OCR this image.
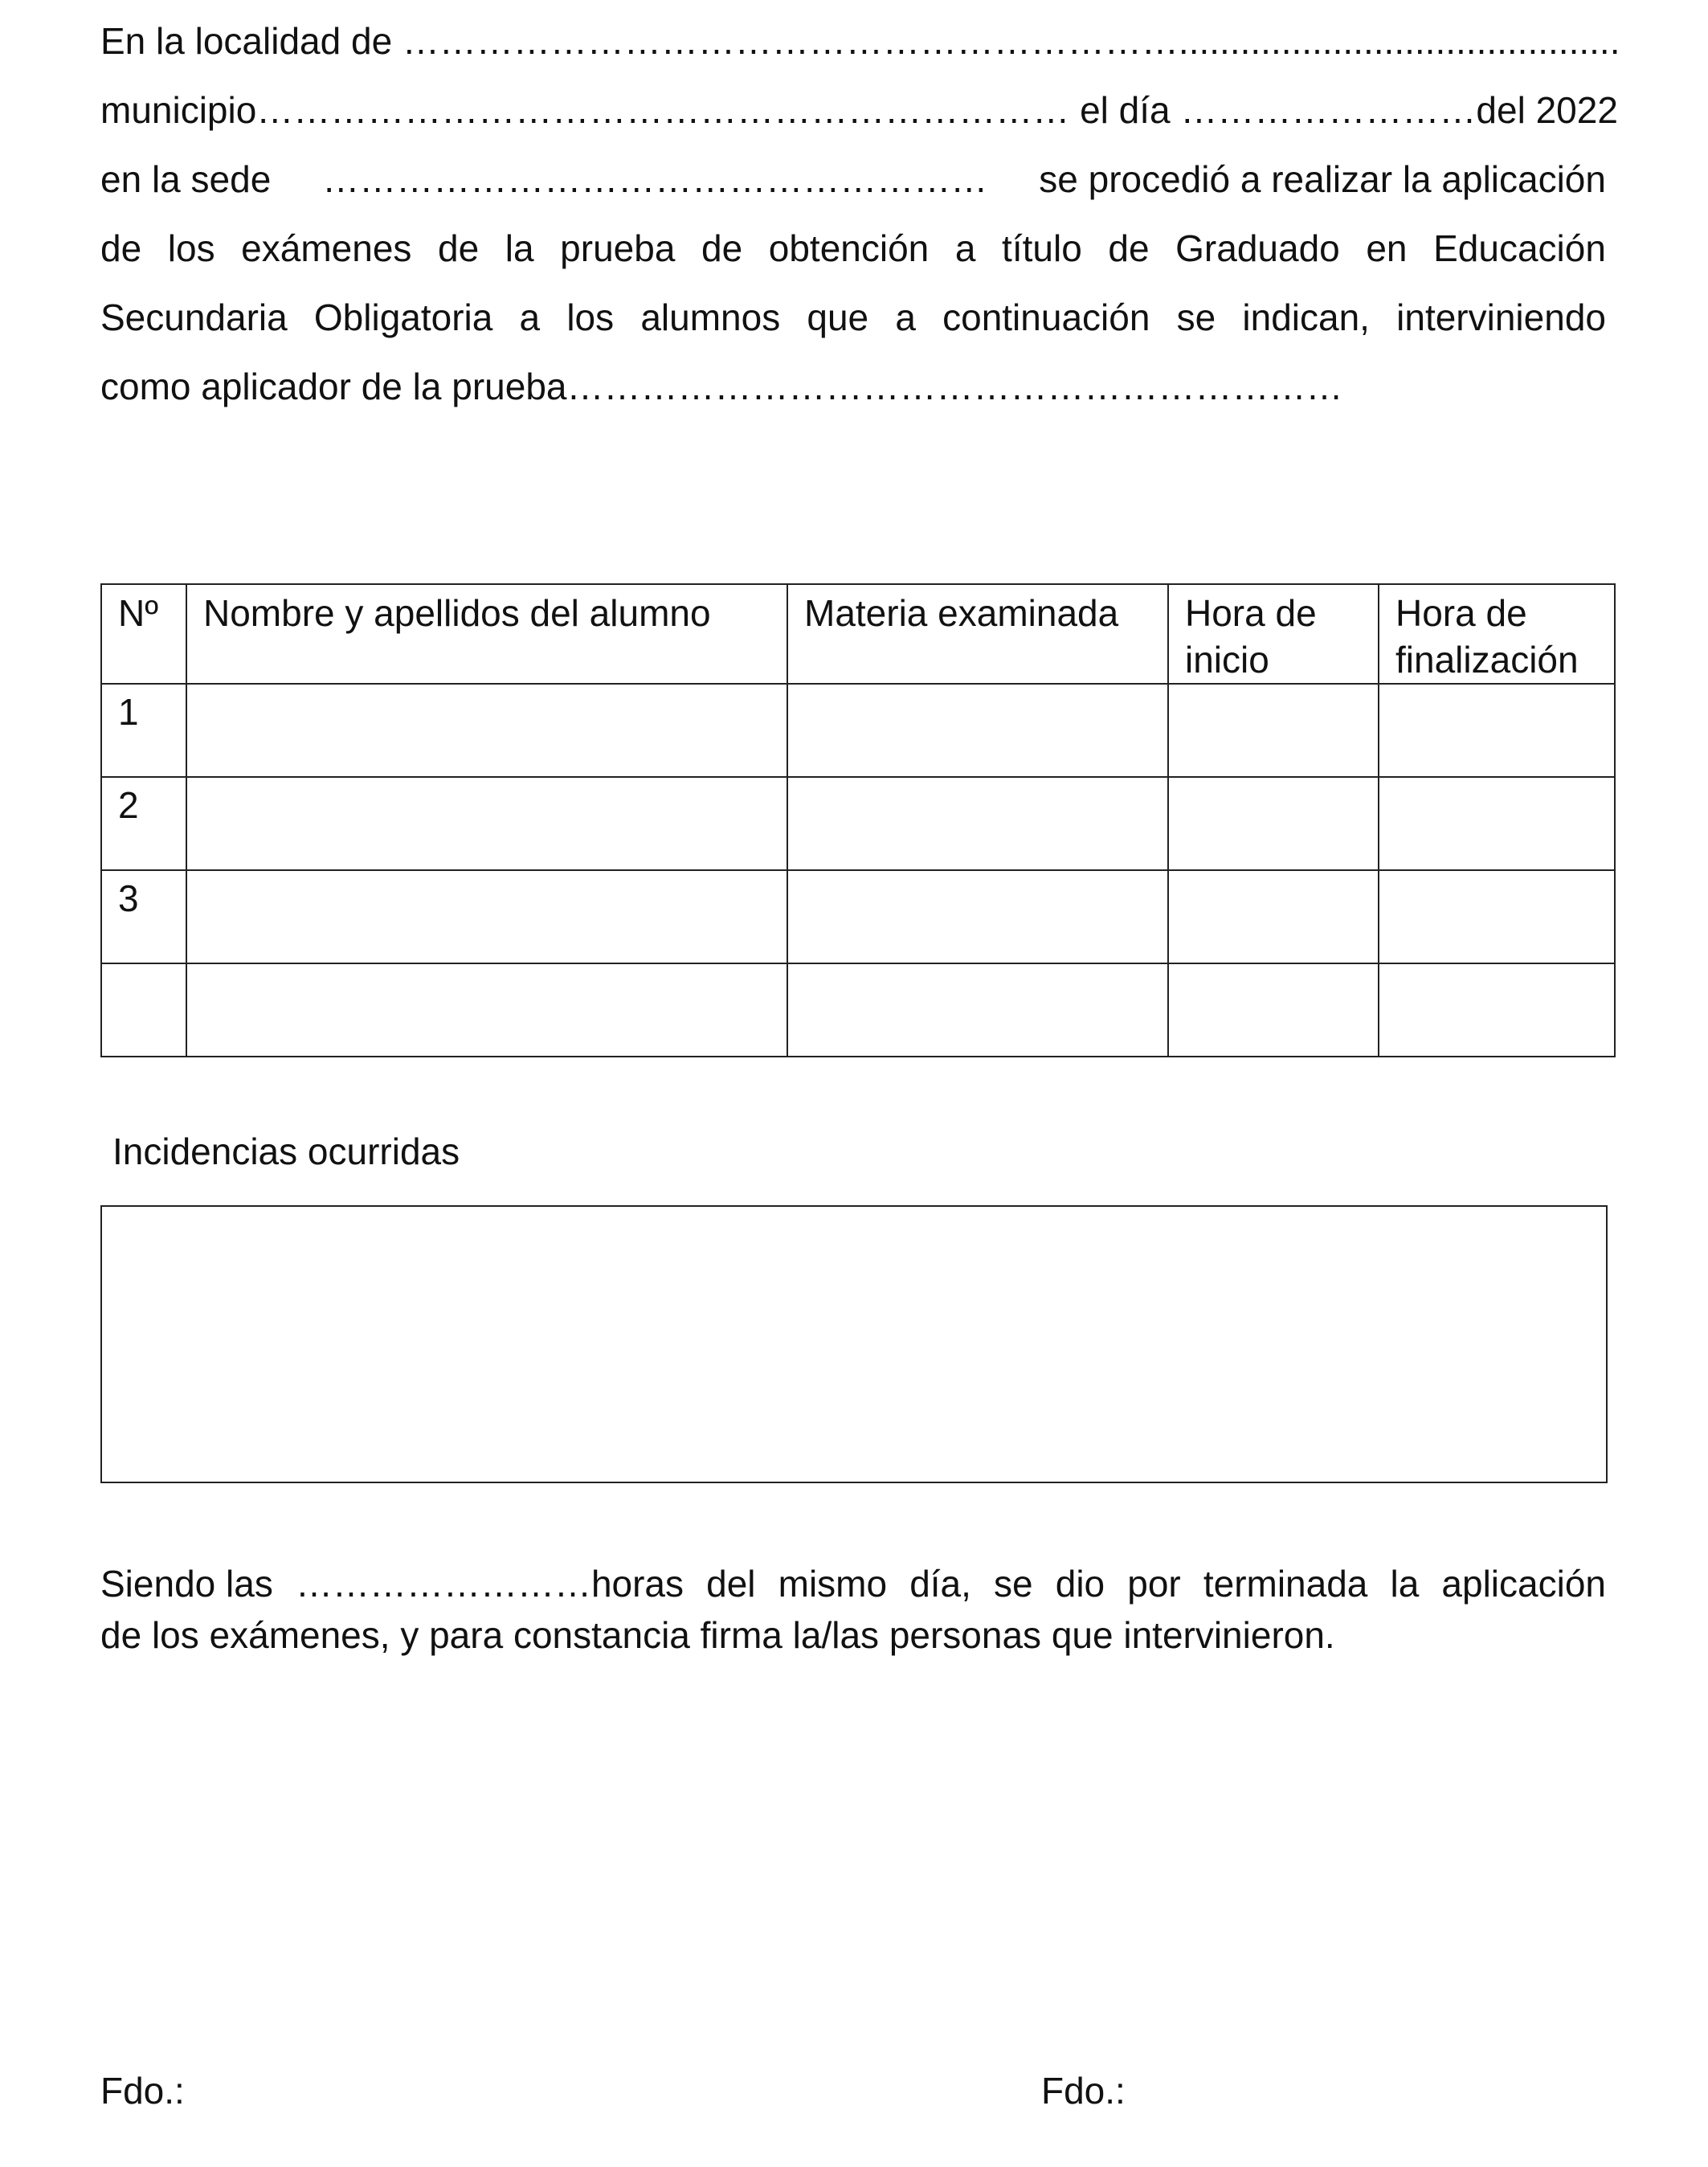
En la localidad de ………………………………………………………...........................................
municipio………………………………………………………… el día …………………… del 2022
en la sede ……………………………………………… se procedió a realizar la aplicación
de los exámenes de la prueba de obtención a título de Graduado en Educación
Secundaria Obligatoria a los alumnos que a continuación se indican, interviniendo
como aplicador de la prueba………………………………………………………
Nº	Nombre y apellidos del alumno	Materia examinada	Hora de inicio	Hora de finalización
1				
2				
3				

Incidencias ocurridas
Siendo las ……………………horas del mismo día, se dio por terminada la aplicación
de los exámenes, y para constancia firma la/las personas que intervinieron.
Fdo.:	Fdo.:
